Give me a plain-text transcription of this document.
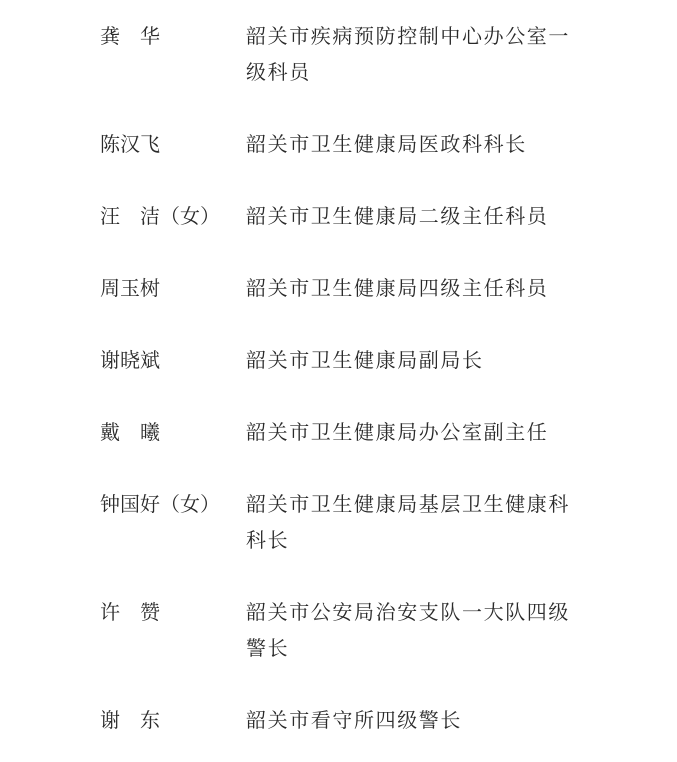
龚　华	韶关市疾病预防控制中心办公室一级科员
陈汉飞	韶关市卫生健康局医政科科长
汪　洁（女） 韶关市卫生健康局二级主任科员
周玉树	韶关市卫生健康局四级主任科员
谢晓斌	韶关市卫生健康局副局长
戴　曦	韶关市卫生健康局办公室副主任
钟国好（女） 韶关市卫生健康局基层卫生健康科科长
许　赞	韶关市公安局治安支队一大队四级警长
谢　东	韶关市看守所四级警长
